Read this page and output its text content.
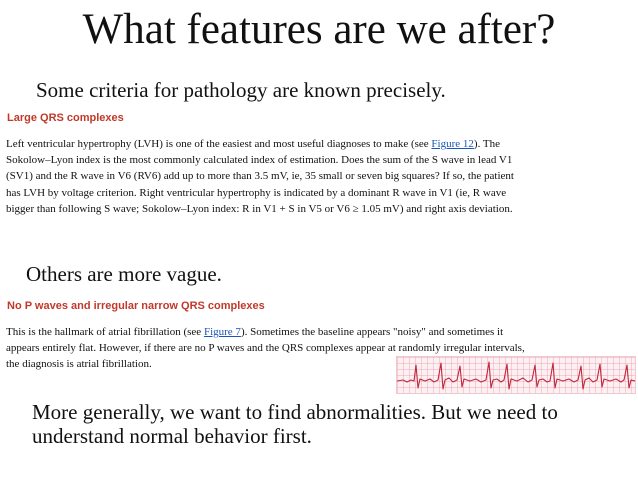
What features are we after?
Some criteria for pathology are known precisely.
Large QRS complexes
Left ventricular hypertrophy (LVH) is one of the easiest and most useful diagnoses to make (see Figure 12). The
Sokolow–Lyon index is the most commonly calculated index of estimation. Does the sum of the S wave in lead V1
(SV1) and the R wave in V6 (RV6) add up to more than 3.5 mV, ie, 35 small or seven big squares? If so, the patient
has LVH by voltage criterion. Right ventricular hypertrophy is indicated by a dominant R wave in V1 (ie, R wave
bigger than following S wave; Sokolow–Lyon index: R in V1 + S in V5 or V6 ≥ 1.05 mV) and right axis deviation.
Others are more vague.
No P waves and irregular narrow QRS complexes
This is the hallmark of atrial fibrillation (see Figure 7). Sometimes the baseline appears "noisy" and sometimes it
appears entirely flat. However, if there are no P waves and the QRS complexes appear at randomly irregular intervals,
the diagnosis is atrial fibrillation.
More generally, we want to find abnormalities. But we need to understand normal behavior first.
